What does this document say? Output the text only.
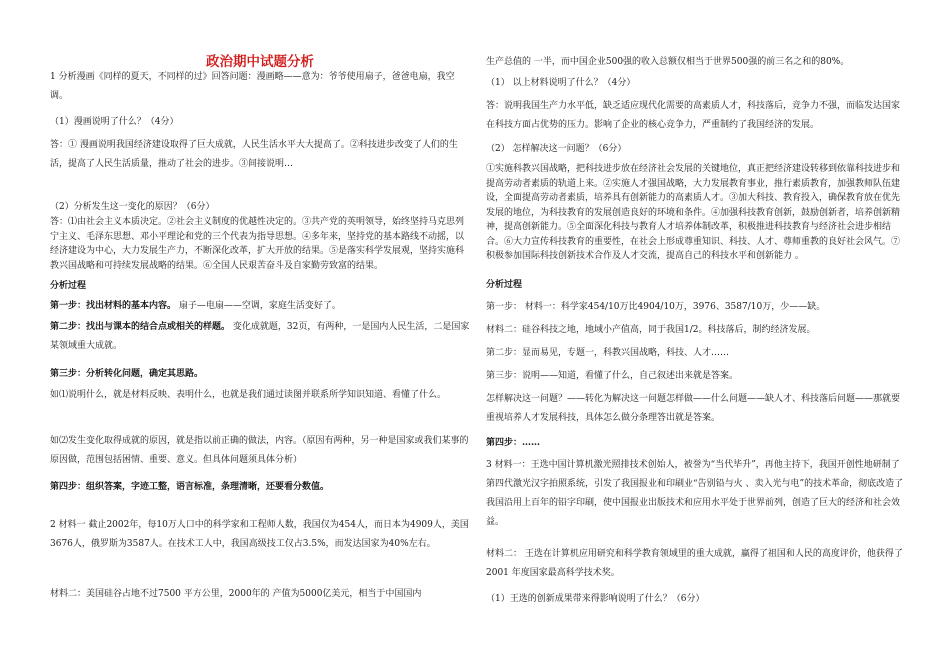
政治期中试题分析

1 分析漫画《同样的夏天，不同样的过》回答问题：漫画略——意为：爷爷使用扇子，爸爸电扇，我空调。

（1）漫画说明了什么？（4分）

答：① 漫画说明我国经济建设取得了巨大成就，人民生活水平大大提高了。②科技进步改变了人们的生活，提高了人民生活质量，推动了社会的进步。③间接说明…

（2）分析发生这一变化的原因？（6分）

答：⑴由社会主义本质决定。②社会主义制度的优越性决定的。③共产党的英明领导，始终坚持马克思列宁主义、毛泽东思想、邓小平理论和党的三个代表为指导思想。④多年来，坚持党的基本路线不动摇，以经济建设为中心，大力发展生产力，不断深化改革，扩大开放的结果。⑤是落实科学发展观，坚持实施科教兴国战略和可持续发展战略的结果。⑥全国人民艰苦奋斗及自家勤劳致富的结果。

分析过程

第一步：找出材料的基本内容。 扇子—电扇——空调，家庭生活变好了。

第二步：找出与课本的结合点或相关的样题。 变化成就题，32页，有两种，一是国内人民生活，二是国家某领域重大成就。

第三步：分析转化问题，确定其思路。

如⑴说明什么，就是材料反映、表明什么，也就是我们通过读图并联系所学知识知道、看懂了什么。

如⑵发生变化取得成就的原因，就是指以前正确的做法，内容。（原因有两种，另一种是国家或我们某事的原因做，范围包括困情、重要、意义。但具体问题须具体分析）

第四步：组织答案，字迹工整，语言标准，条理清晰，还要看分数值。

2 材料一 截止2002年，每10万人口中的科学家和工程师人数，我国仅为454人，而日本为4909人，美国3676人，俄罗斯为3587人。在技术工人中，我国高级技工仅占3.5%，而发达国家为40%左右。

材料二：美国硅谷占地不过7500 平方公里，2000年的 产值为5000亿美元，相当于中国国内

生产总值的 一半，而中国企业500强的收入总额仅相当于世界500强的前三名之和的80%。

（1） 以上材料说明了什么？（4分）

答：说明我国生产力水平低，缺乏适应现代化需要的高素质人才，科技落后，竞争力不强，而临发达国家在科技方面占优势的压力。影响了企业的核心竞争力，严重制约了我国经济的发展。

（2） 怎样解决这一问题？（6分）

①实施科教兴国战略，把科技进步放在经济社会发展的关键地位，真正把经济建设转移到依靠科技进步和提高劳动者素质的轨道上来。②实施人才强国战略，大力发展教育事业，推行素质教育，加强教师队伍建设，全面提高劳动者素质，培养具有创新能力的高素质人才。③加大科技、教育投入，确保教育放在优先发展的地位，为科技教育的发展创造良好的环境和条件。④加强科技教育创新，鼓励创新者，培养创新精神，提高创新能力。⑤全面深化科技与教育人才培养体制改革，积极推进科技教育与经济社会进步相结合。⑥大力宣传科技教育的重要性，在社会上形成尊重知识、科技、人才、尊师重教的良好社会风气。⑦积极参加国际科技创新技术合作及人才交流，提高自己的科技水平和创新能力 。

分析过程

第一步： 材料一：科学家454/10万比4904/10万，3976、3587/10万，少——缺。

材料二：硅谷科技之地，地域小产值高，同于我国1/2。科技落后，制约经济发展。

第二步：显而易见，专题一，科教兴国战略，科技、人才……

第三步：说明——知道，看懂了什么，自己叙述出来就是答案。

怎样解决这一问题？——转化为解决这一问题怎样做——什么问题——缺人才、科技落后问题——那就要重视培养人才发展科技，具体怎么做分条理答出就是答案。

第四步：……

3 材料一：王选中国计算机激光照排技术创始人，被誉为“当代毕升”，再他主持下，我国开创性地研制了第四代激光汉字拍照系统，引发了我国报业和印刷业“告别铅与火 、卖入光与电”的技术革命，彻底改造了我国沿用上百年的铅字印刷，使中国报业出版技术和应用水平处于世界前列，创造了巨大的经济和社会效益。

材料二： 王选在计算机应用研究和科学教育领域里的重大成就，赢得了祖国和人民的高度评价，他获得了2001 年度国家最高科学技术奖。

（1）王选的创新成果带来得影响说明了什么？（6分）
